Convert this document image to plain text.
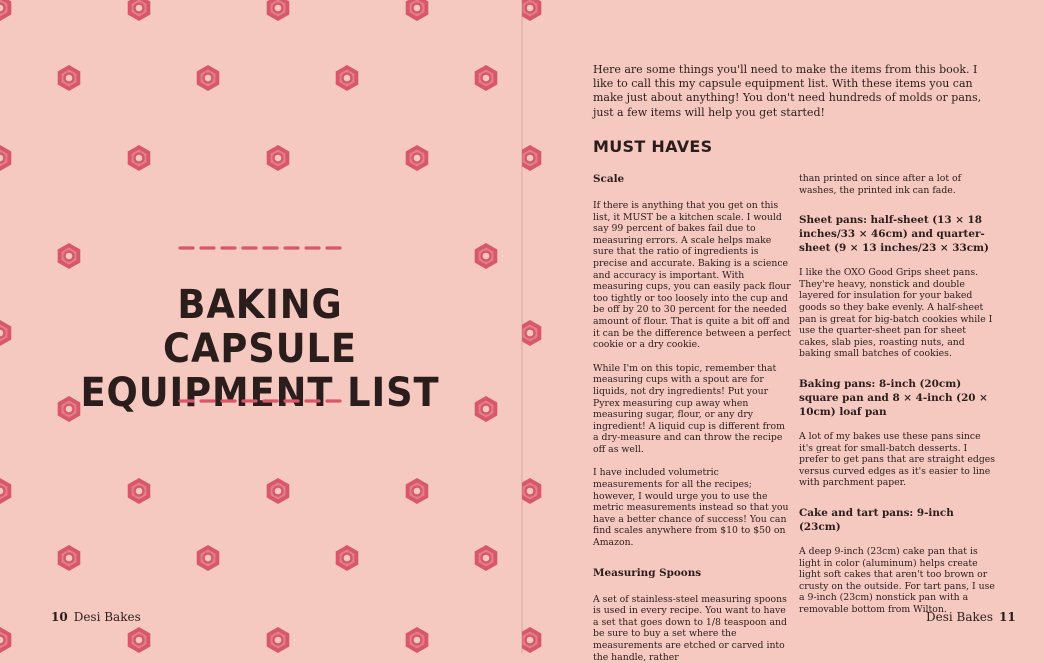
BAKING CAPSULE
EQUIPMENT LIST
10 Desi Bakes

Here are some things you'll need to make the items from this book. I like to call this my capsule equipment list. With these items you can make just about anything! You don't need hundreds of molds or pans, just a few items will help you get started!

MUST HAVES
Scale

If there is anything that you get on this list, it MUST be a kitchen scale. I would say 99 percent of bakes fail due to measuring errors. A scale helps make sure that the ratio of ingredients is precise and accurate. Baking is a science and accuracy is important. With measuring cups, you can easily pack flour too tightly or too loosely into the cup and be off by 20 to 30 percent for the needed amount of flour. That is quite a bit off and it can be the difference between a perfect cookie or a dry cookie.

While I'm on this topic, remember that measuring cups with a spout are for liquids, not dry ingredients! Put your Pyrex measuring cup away when measuring sugar, flour, or any dry ingredient! A liquid cup is different from a dry-measure and can throw the recipe off as well.

I have included volumetric measurements for all the recipes; however, I would urge you to use the metric measurements instead so that you have a better chance of success! You can find scales anywhere from $10 to $50 on Amazon.

Measuring Spoons

A set of stainless-steel measuring spoons is used in every recipe. You want to have a set that goes down to 1/8 teaspoon and be sure to buy a set where the measurements are etched or carved into the handle, rather

than printed on since after a lot of washes, the printed ink can fade.

Sheet pans: half-sheet (13 × 18 inches/33 × 46cm) and quarter-sheet (9 × 13 inches/23 × 33cm)

I like the OXO Good Grips sheet pans. They're heavy, nonstick and double layered for insulation for your baked goods so they bake evenly. A half-sheet pan is great for big-batch cookies while I use the quarter-sheet pan for sheet cakes, slab pies, roasting nuts, and baking small batches of cookies.

Baking pans: 8-inch (20cm) square pan and 8 × 4-inch (20 × 10cm) loaf pan

A lot of my bakes use these pans since it's great for small-batch desserts. I prefer to get pans that are straight edges versus curved edges as it's easier to line with parchment paper.

Cake and tart pans: 9-inch (23cm)

A deep 9-inch (23cm) cake pan that is light in color (aluminum) helps create light soft cakes that aren't too brown or crusty on the outside. For tart pans, I use a 9-inch (23cm) nonstick pan with a removable bottom from Wilton.

Desi Bakes 11
